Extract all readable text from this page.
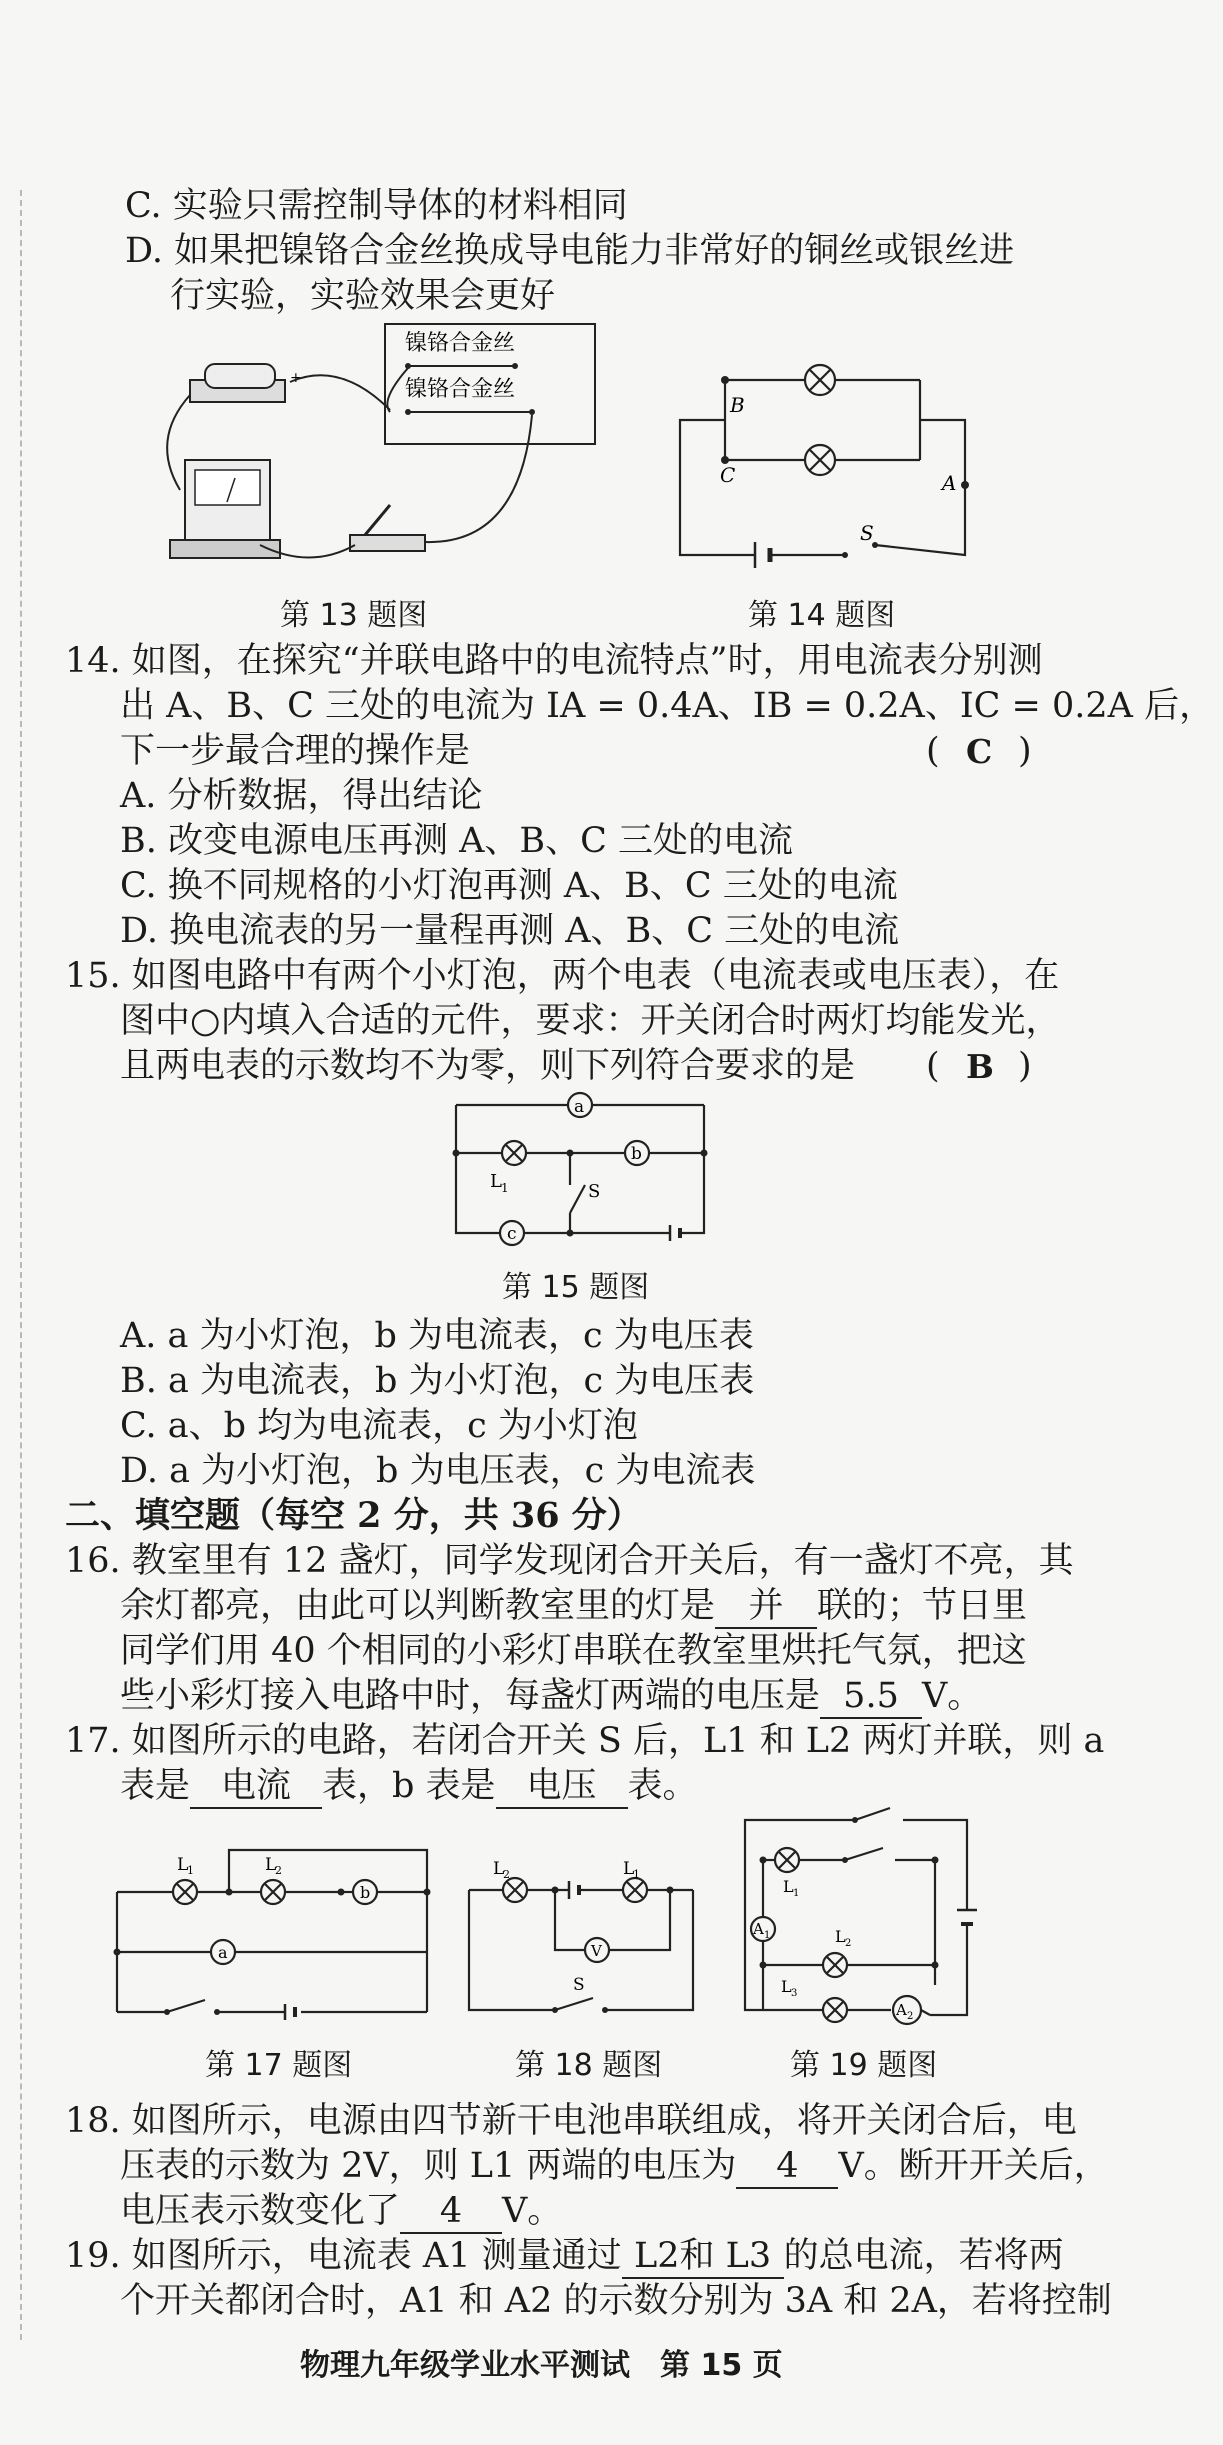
C. 实验只需控制导体的材料相同
D. 如果把镍铬合金丝换成导电能力非常好的铜丝或银丝进
行实验，实验效果会更好
镍铬合金丝
镍铬合金丝
+
B
C	A
S
第 13 题图	第 14 题图
14. 如图，在探究“并联电路中的电流特点”时，用电流表分别测
出 A、B、C 三处的电流为 IA = 0.4A、IB = 0.2A、IC = 0.2A 后，
下一步最合理的操作是	( C )
A. 分析数据，得出结论
B. 改变电源电压再测 A、B、C 三处的电流
C. 换不同规格的小灯泡再测 A、B、C 三处的电流
D. 换电流表的另一量程再测 A、B、C 三处的电流
15. 如图电路中有两个小灯泡，两个电表（电流表或电压表），在
图中○内填入合适的元件，要求：开关闭合时两灯均能发光，
且两电表的示数均不为零，则下列符合要求的是 ( B )
a
b
c
L 1	S
第 15 题图
A. a 为小灯泡，b 为电流表，c 为电压表
B. a 为电流表，b 为小灯泡，c 为电压表
C. a、b 均为电流表，c 为小灯泡
D. a 为小灯泡，b 为电压表，c 为电流表
二、填空题（每空 2 分，共 36 分）
16. 教室里有 12 盏灯，同学发现闭合开关后，有一盏灯不亮，其
余灯都亮，由此可以判断教室里的灯是 并 联的；节日里
同学们用 40 个相同的小彩灯串联在教室里烘托气氛，把这
些小彩灯接入电路中时，每盏灯两端的电压是 5.5 V。
17. 如图所示的电路，若闭合开关 S 后，L1 和 L2 两灯并联，则 a
表是 电流 表，b 表是 电压 表。
L
1	L
2
b
a
L
2	L
1
V
S
A 1
A 2
L 1
L 2
L 3
第 17 题图	第 18 题图	第 19 题图
18. 如图所示，电源由四节新干电池串联组成，将开关闭合后，电
压表的示数为 2V，则 L1 两端的电压为 4 V。断开开关后，
电压表示数变化了 4 V。
19. 如图所示，电流表 A1 测量通过 L2和 L3 的总电流，若将两
个开关都闭合时，A1 和 A2 的示数分别为 3A 和 2A，若将控制
物理九年级学业水平测试　第 15 页
